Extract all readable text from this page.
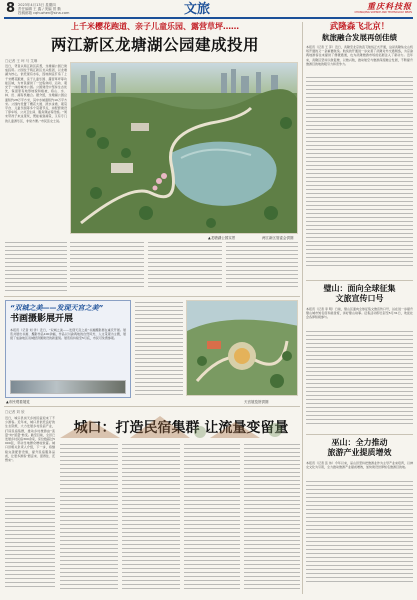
8 2023年4月13日 星期四
责任编辑 王 鑫 / 美编 曾 勤
投稿邮箱 cqhuzhen@sina.com	文旅	重庆科技报
CHONGQING SCIENCE AND TECHNOLOGY NEWS
上千米樱花跑道、亲子儿童乐园、露营草坪……
两江新区龙塘湖公园建成投用
□记者 王 珂 马 艾琳
近日，笔者从两江新区获悉，龙塘湖公园已建成投用。公园位于两江新区龙兴组团，以龙塘湖为核心，依托现有水系，因地制宜打造了上千米樱花跑道、亲子儿童乐园、露营草坪等功能区域，为市民提供了一处集休闲、运动、观光于一体的城市公园。公园建设中坚持生态优先，保留原有地形地貌和植被，将山、水、林、田、湖有机融合。据介绍，龙塘湖公园总面积约28万平方米，其中水域面积约10万平方米。公园内设置了樱花大道、滨水步道、观景平台、儿童乐园等多个景观节点，并配套建设了停车场、公共卫生间、服务驿站等设施。“周末带孩子来这里玩，既能看到湖景，又有专门的儿童游乐区，非常方便。”市民张女士说。
▲龙塘湖公园实景	两江新区管委会供图
“双城之美——发现天宫之美”
书画摄影展开展
本报讯（记者 刘 洋）近日，“双城之美——发现天宫之美”书画摄影展在重庆开展。展览共展出书画、摄影作品100余幅，作品以川渝两地的自然风光、人文景观为主题，展现了成渝地区双城经济圈建设的新面貌。展览将持续至5月底，市民可免费参观。
▲市民观看展览	天宫展览馆供图
□记者 刘 欣
近日，城口县岚天乡的民宿迎来了不少游客。近年来，城口县依托良好的生态资源，大力发展乡村民宿产业，打造民宿集群，推动乡村旅游由“流量”向“留量”转变。截至目前，全县已发展乡村民宿300余家，床位数超过5000张，带动当地群众增收致富。城口县相关负责人介绍，下一步，将继续完善配套设施，提升民宿服务品质，让更多游客“愿意来、留得住、还想来”。
城口：打造民宿集群 让流量变留量
武隆森飞北京！
航旅融合发展再创佳绩
本报讯（记者 王 萍）近日，武隆至北京的直飞航线正式开通，这是武隆仙女山机场开通的又一条重要航线。航线的开通进一步完善了武隆对外交通网络，为京渝两地游客往来提供了便捷通道，也为武隆旅游市场的拓展注入了新动力。近年来，武隆区坚持以航促旅、以旅兴航，推动航空与旅游深度融合发展，不断提升旅游目的地的吸引力和竞争力。
璧山：面向全球征集
文旅宣传口号
本报讯（记者 李 明）日前，璧山区面向全球征集文旅宣传口号，旨在进一步提升璧山城市知名度和美誉度，讲好璧山故事。征集活动即日起至5月31日，欢迎社会各界积极参与。
巫山：全力推动
旅游产业提质增效
本报讯（记者 张 伟）今年以来，巫山县坚持把旅游业作为主导产业来培育，以神女文化为引领，全力推动旅游产业提质增效，加快建设世界知名旅游目的地。
